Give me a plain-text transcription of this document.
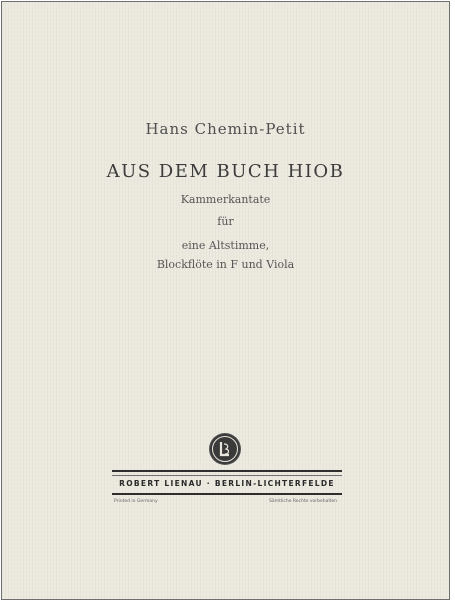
Hans Chemin-Petit
AUS DEM BUCH HIOB
Kammerkantate
für
eine Altstimme,
Blockflöte in F und Viola
ROBERT LIENAU · BERLIN-LICHTERFELDE
Printed in Germany	Sämtliche Rechte vorbehalten
